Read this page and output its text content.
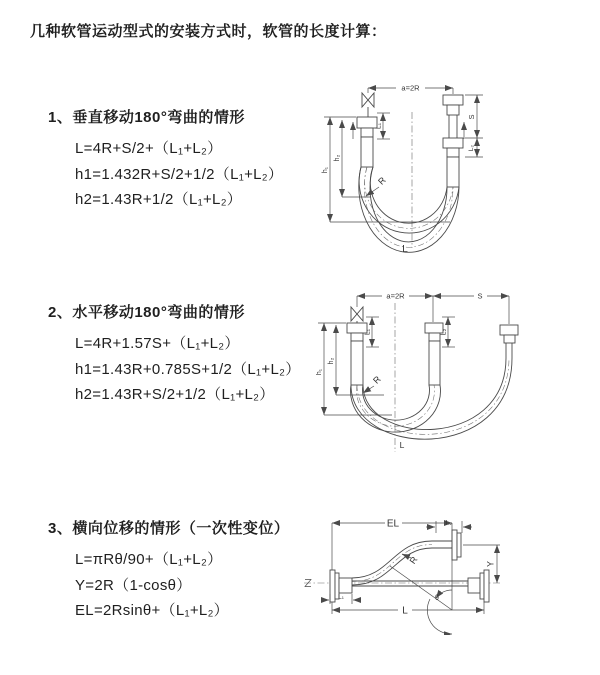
几种软管运动型式的安装方式时，软管的长度计算：
1、垂直移动180°弯曲的情形
L=4R+S/2+（L₁+L₂）
h1=1.432R+S/2+1/2（L₁+L₂）
h2=1.43R+1/2（L₁+L₂）
2、水平移动180°弯曲的情形
L=4R+1.57S+（L₁+L₂）
h1=1.43R+0.785S+1/2（L₁+L₂）
h2=1.43R+S/2+1/2（L₁+L₂）
3、横向位移的情形（一次性变位）
L=πRθ/90+（L₁+L₂）
Y=2R（1-cosθ）
EL=2Rsinθ+（L₁+L₂）
a=2R
L₁
S
L₂
h₁
h₂
R
L
a=2R	S
L₁	L₂
h₁
h₂
R
L
EL	L₂
Y
L
L₁
R
θ
